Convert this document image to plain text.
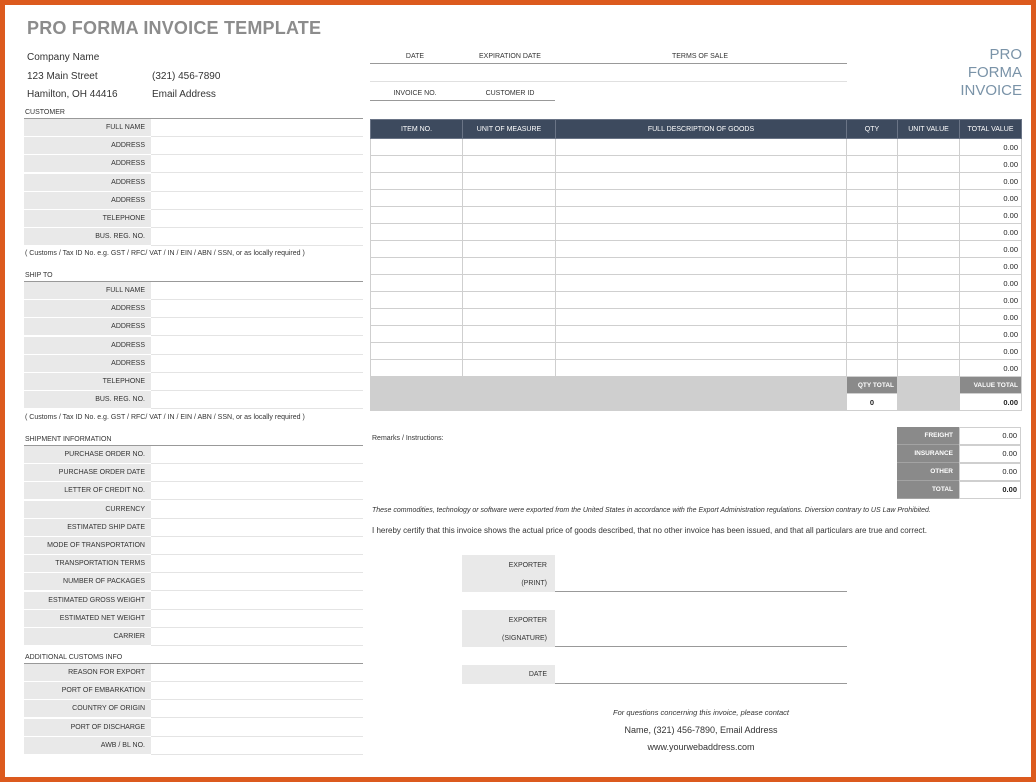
PRO FORMA INVOICE TEMPLATE
Company Name
123 Main Street
Hamilton, OH 44416
(321) 456-7890
Email Address
CUSTOMER
FULL NAME
ADDRESS
ADDRESS
ADDRESS
ADDRESS
TELEPHONE
BUS. REG. NO.
( Customs / Tax ID No. e.g. GST / RFC/ VAT / IN / EIN / ABN / SSN, or as locally required )
SHIP TO
FULL NAME
ADDRESS
ADDRESS
ADDRESS
ADDRESS
TELEPHONE
BUS. REG. NO.
( Customs / Tax ID No. e.g. GST / RFC/ VAT / IN / EIN / ABN / SSN, or as locally required )
SHIPMENT INFORMATION
PURCHASE ORDER NO.
PURCHASE ORDER DATE
LETTER OF CREDIT NO.
CURRENCY
ESTIMATED SHIP DATE
MODE OF TRANSPORTATION
TRANSPORTATION TERMS
NUMBER OF PACKAGES
ESTIMATED GROSS WEIGHT
ESTIMATED NET WEIGHT
CARRIER
ADDITIONAL CUSTOMS INFO
REASON FOR EXPORT
PORT OF EMBARKATION
COUNTRY OF ORIGIN
PORT OF DISCHARGE
AWB / BL NO.
DATE	EXPIRATION DATE	TERMS OF SALE
INVOICE NO.	CUSTOMER ID
PRO
FORMA
INVOICE
ITEM NO.	UNIT OF MEASURE	FULL DESCRIPTION OF GOODS	QTY	UNIT VALUE	TOTAL VALUE
					0.00
					0.00
					0.00
					0.00
					0.00
					0.00
					0.00
					0.00
					0.00
					0.00
					0.00
					0.00
					0.00
					0.00
			QTY TOTAL		VALUE TOTAL
			0		0.00
FREIGHT	0.00
INSURANCE	0.00
OTHER	0.00
TOTAL	0.00
Remarks / Instructions:
These commodities, technology or software were exported from the United States in accordance with the Export Administration regulations. Diversion contrary to US Law Prohibited.
I hereby certify that this invoice shows the actual price of goods described, that no other invoice has been issued, and that all particulars are true and correct.
EXPORTER
(PRINT)
EXPORTER
(SIGNATURE)
DATE
For questions concerning this invoice, please contact
Name, (321) 456-7890, Email Address
www.yourwebaddress.com
